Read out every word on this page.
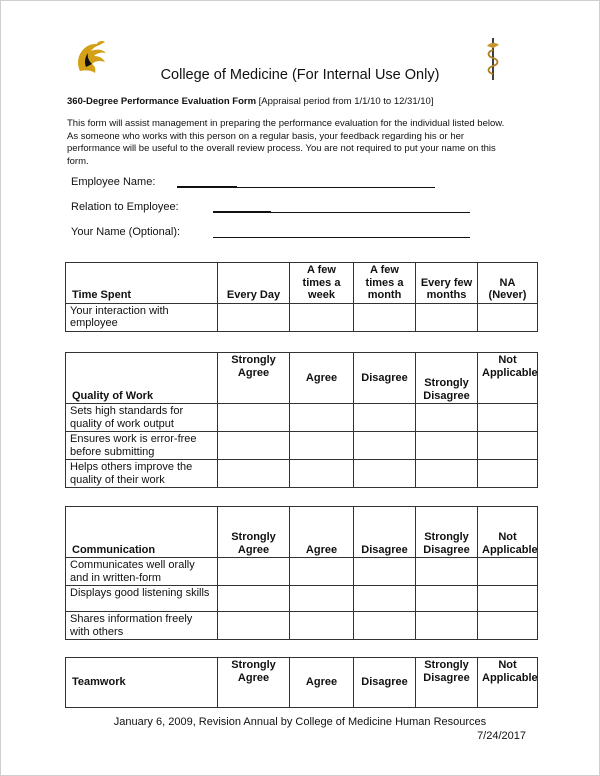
College of Medicine (For Internal Use Only)
360-Degree Performance Evaluation Form [Appraisal period from 1/1/10 to 12/31/10]
This form will assist management in preparing the performance evaluation for the individual listed below.
As someone who works with this person on a regular basis, your feedback regarding his or her
performance will be useful to the overall review process. You are not required to put your name on this
form.
Employee Name:
Relation to Employee:
Your Name (Optional):
Time Spent	Every Day	A few times a week	A few times a month	Every few months	NA (Never)
Your interaction with employee					
Quality of Work	Strongly Agree	Agree	Disagree	Strongly Disagree	Not Applicable
Sets high standards for quality of work output					
Ensures work is error-free before submitting					
Helps others improve the quality of their work					
Communication	Strongly Agree	Agree	Disagree	Strongly Disagree	Not Applicable
Communicates well orally and in written-form					
Displays good listening skills					
Shares information freely with others					
Teamwork	Strongly Agree	Agree	Disagree	Strongly Disagree	Not Applicable
January 6, 2009, Revision Annual by College of Medicine Human Resources
7/24/2017
